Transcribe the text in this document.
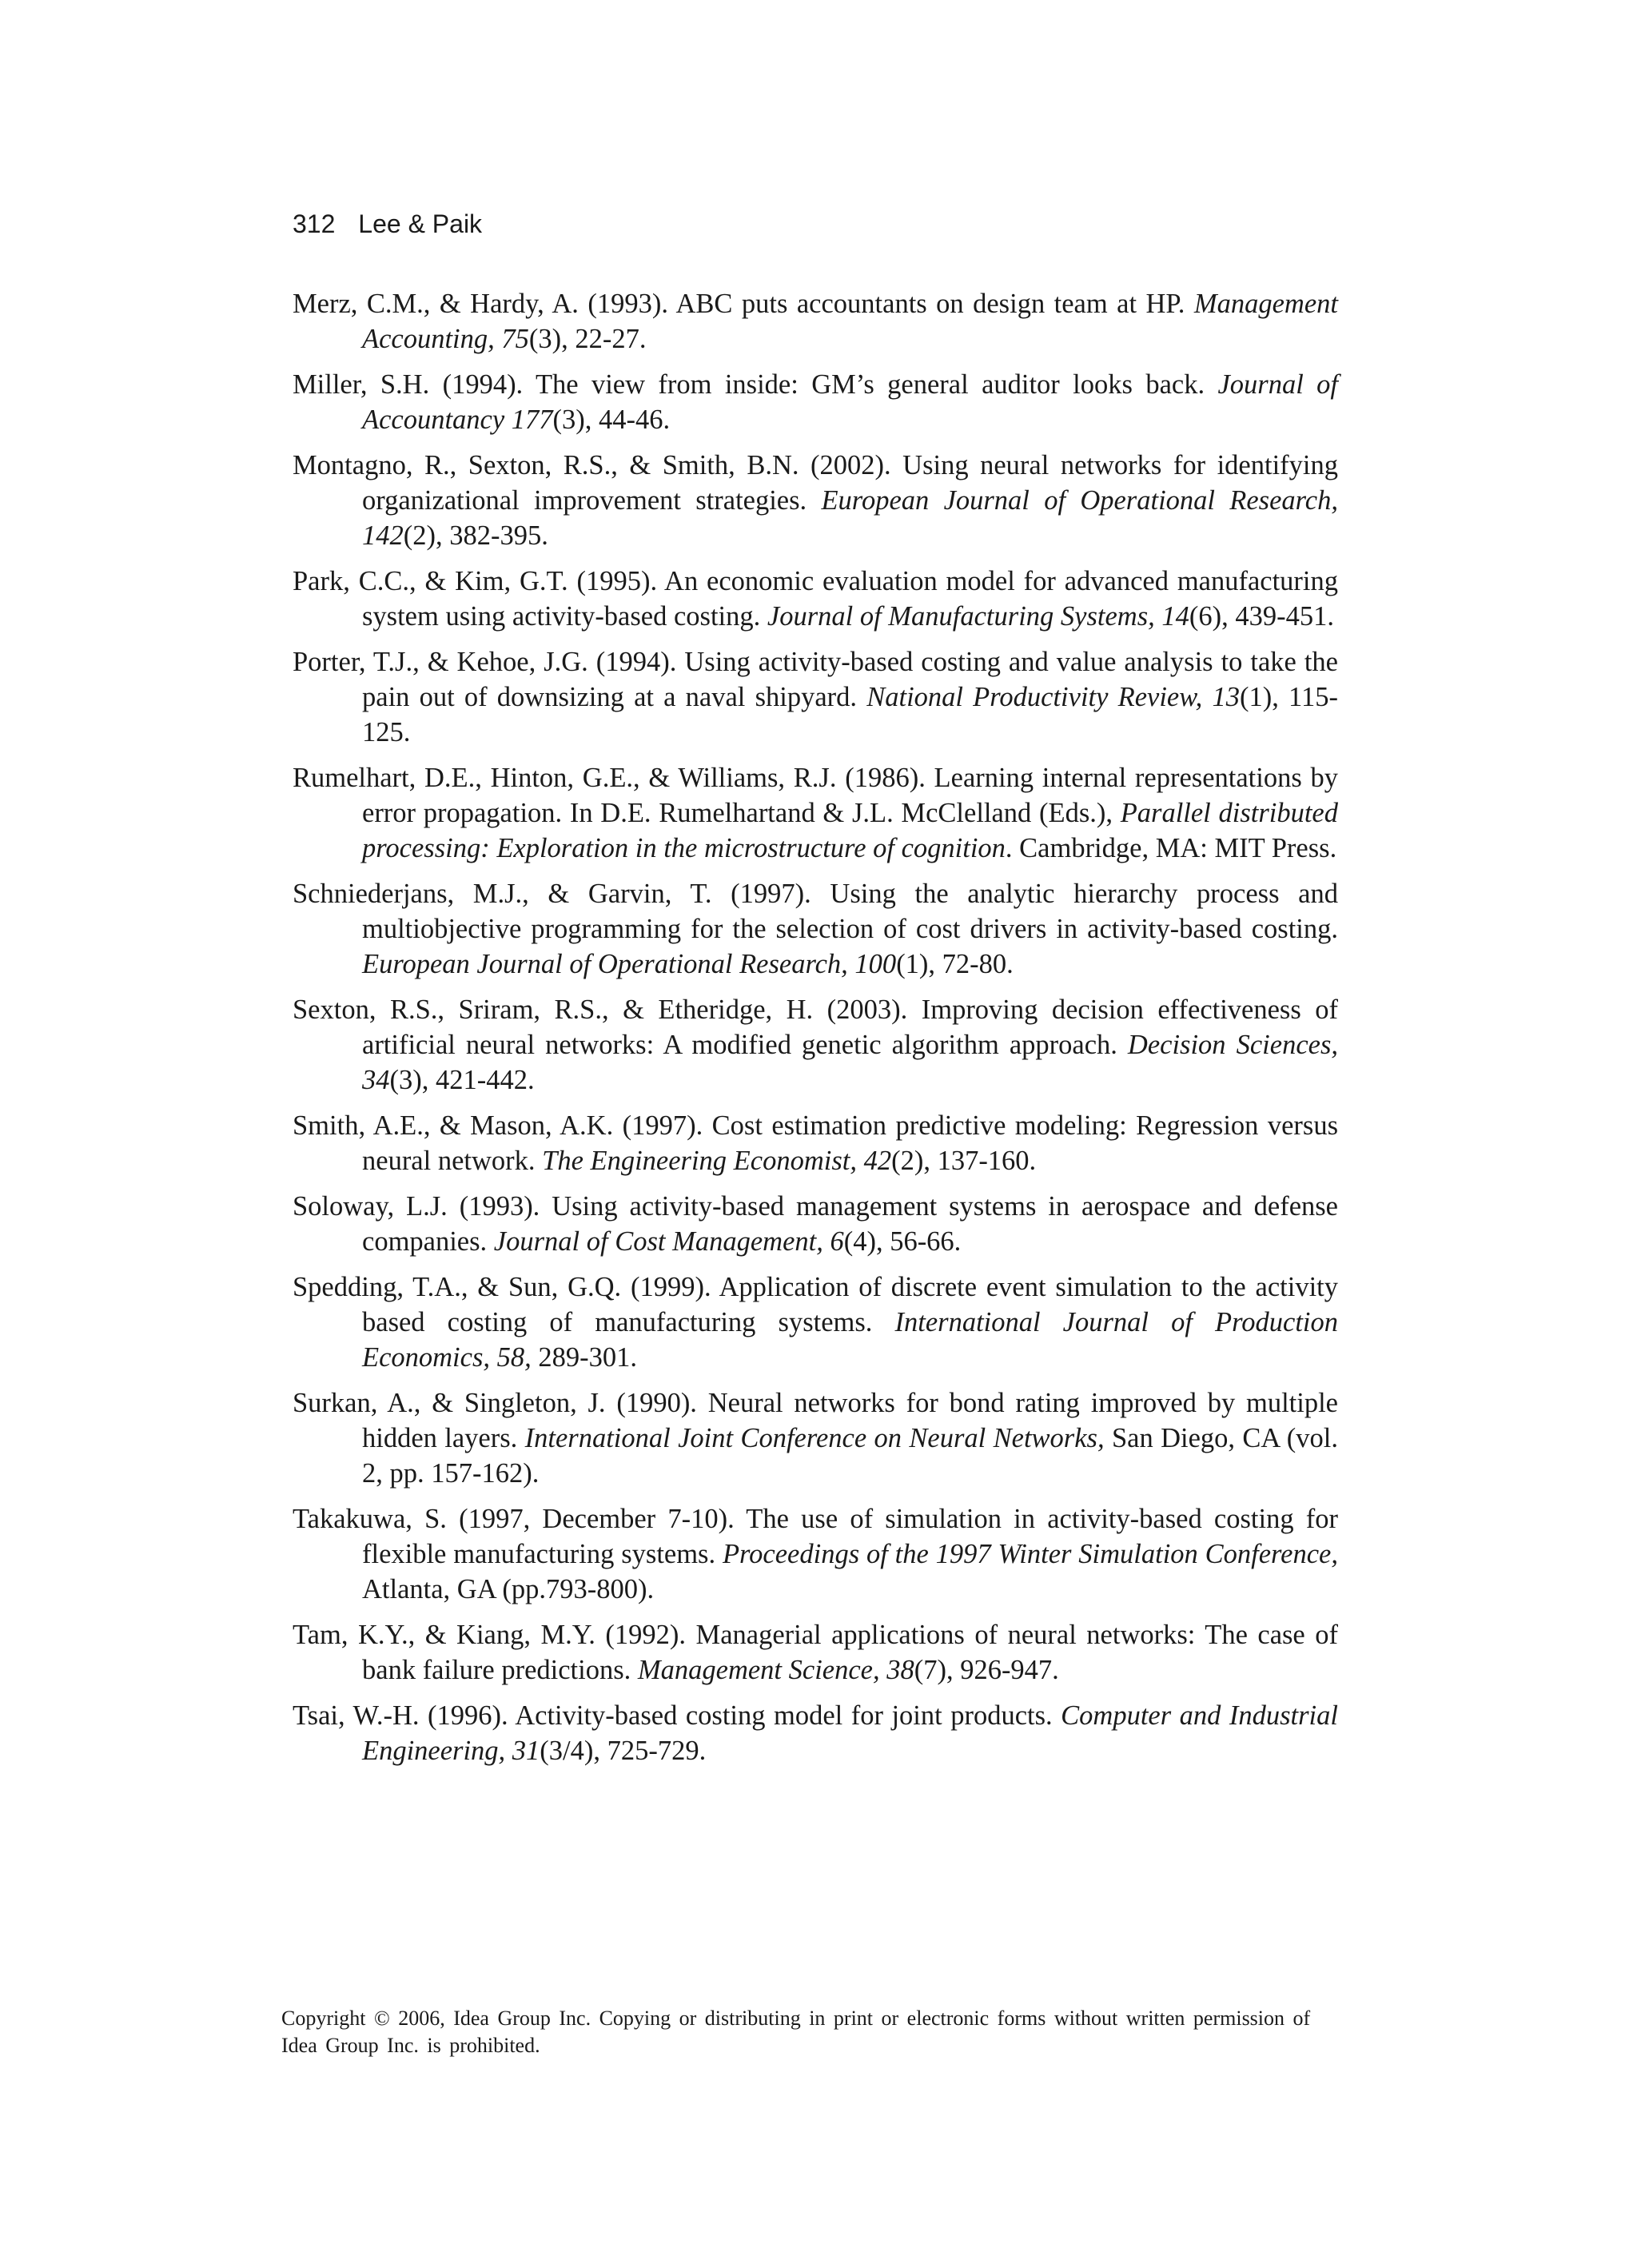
312 Lee & Paik

Merz, C.M., & Hardy, A. (1993). ABC puts accountants on design team at HP. Management Accounting, 75(3), 22-27.

Miller, S.H. (1994). The view from inside: GM’s general auditor looks back. Journal of Accountancy 177(3), 44-46.

Montagno, R., Sexton, R.S., & Smith, B.N. (2002). Using neural networks for identifying organizational improvement strategies. European Journal of Operational Research, 142(2), 382-395.

Park, C.C., & Kim, G.T. (1995). An economic evaluation model for advanced manufacturing system using activity-based costing. Journal of Manufacturing Systems, 14(6), 439-451.

Porter, T.J., & Kehoe, J.G. (1994). Using activity-based costing and value analysis to take the pain out of downsizing at a naval shipyard. National Productivity Review, 13(1), 115-125.

Rumelhart, D.E., Hinton, G.E., & Williams, R.J. (1986). Learning internal representations by error propagation. In D.E. Rumelhartand & J.L. McClelland (Eds.), Parallel distributed processing: Exploration in the microstructure of cognition. Cambridge, MA: MIT Press.

Schniederjans, M.J., & Garvin, T. (1997). Using the analytic hierarchy process and multiobjective programming for the selection of cost drivers in activity-based costing. European Journal of Operational Research, 100(1), 72-80.

Sexton, R.S., Sriram, R.S., & Etheridge, H. (2003). Improving decision effectiveness of artificial neural networks: A modified genetic algorithm approach. Decision Sciences, 34(3), 421-442.

Smith, A.E., & Mason, A.K. (1997). Cost estimation predictive modeling: Regression versus neural network. The Engineering Economist, 42(2), 137-160.

Soloway, L.J. (1993). Using activity-based management systems in aerospace and defense companies. Journal of Cost Management, 6(4), 56-66.

Spedding, T.A., & Sun, G.Q. (1999). Application of discrete event simulation to the activity based costing of manufacturing systems. International Journal of Production Economics, 58, 289-301.

Surkan, A., & Singleton, J. (1990). Neural networks for bond rating improved by multiple hidden layers. International Joint Conference on Neural Networks, San Diego, CA (vol. 2, pp. 157-162).

Takakuwa, S. (1997, December 7-10). The use of simulation in activity-based costing for flexible manufacturing systems. Proceedings of the 1997 Winter Simulation Conference, Atlanta, GA (pp.793-800).

Tam, K.Y., & Kiang, M.Y. (1992). Managerial applications of neural networks: The case of bank failure predictions. Management Science, 38(7), 926-947.

Tsai, W.-H. (1996). Activity-based costing model for joint products. Computer and Industrial Engineering, 31(3/4), 725-729.

Copyright © 2006, Idea Group Inc. Copying or distributing in print or electronic forms without written permission of Idea Group Inc. is prohibited.
